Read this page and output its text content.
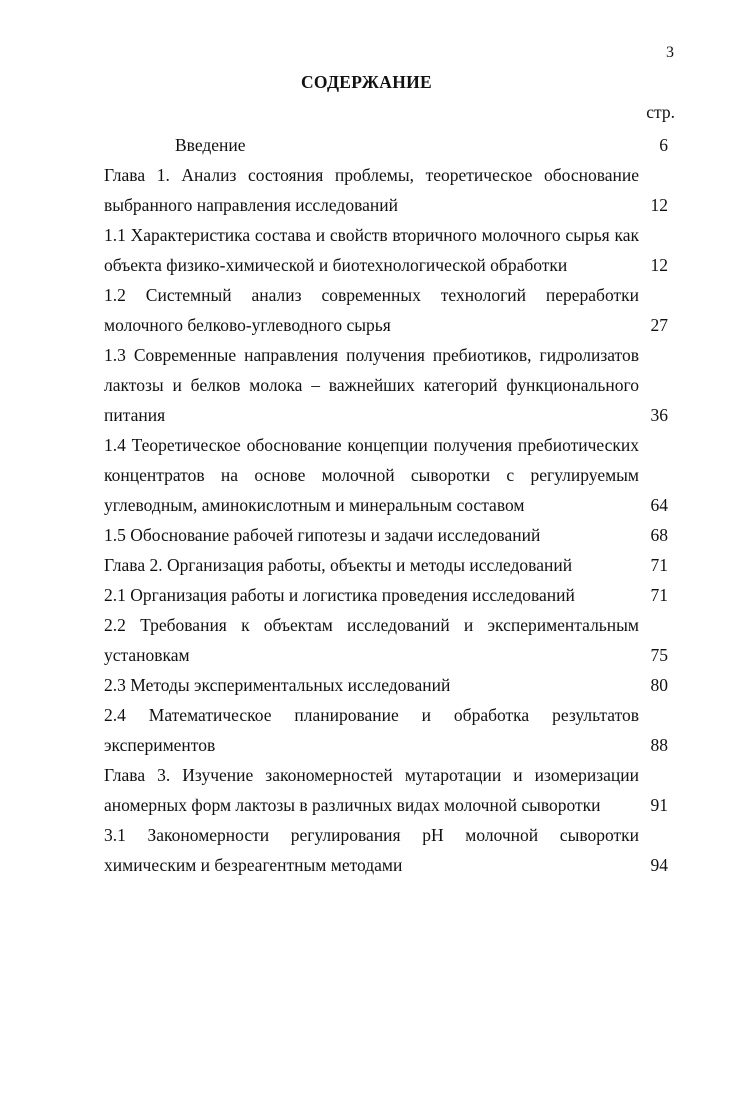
3
СОДЕРЖАНИЕ
стр.
Введение	6
Глава 1. Анализ состояния проблемы, теоретическое обоснование выбранного направления исследований	12
1.1 Характеристика состава и свойств вторичного молочного сырья как объекта физико-химической и биотехнологической обработки	12
1.2 Системный анализ современных технологий переработки молочного белково-углеводного сырья	27
1.3 Современные направления получения пребиотиков, гидролизатов лактозы и белков молока – важнейших категорий функционального питания	36
1.4 Теоретическое обоснование концепции получения пребиотических концентратов на основе молочной сыворотки с регулируемым углеводным, аминокислотным и минеральным составом	64
1.5 Обоснование рабочей гипотезы и задачи исследований	68
Глава 2. Организация работы, объекты и методы исследований	71
2.1 Организация работы и логистика проведения исследований	71
2.2 Требования к объектам исследований и экспериментальным установкам	75
2.3 Методы экспериментальных исследований	80
2.4 Математическое планирование и обработка результатов экспериментов	88
Глава 3. Изучение закономерностей мутаротации и изомеризации аномерных форм лактозы в различных видах молочной сыворотки	91
3.1 Закономерности регулирования pH молочной сыворотки химическим и безреагентным методами	94
